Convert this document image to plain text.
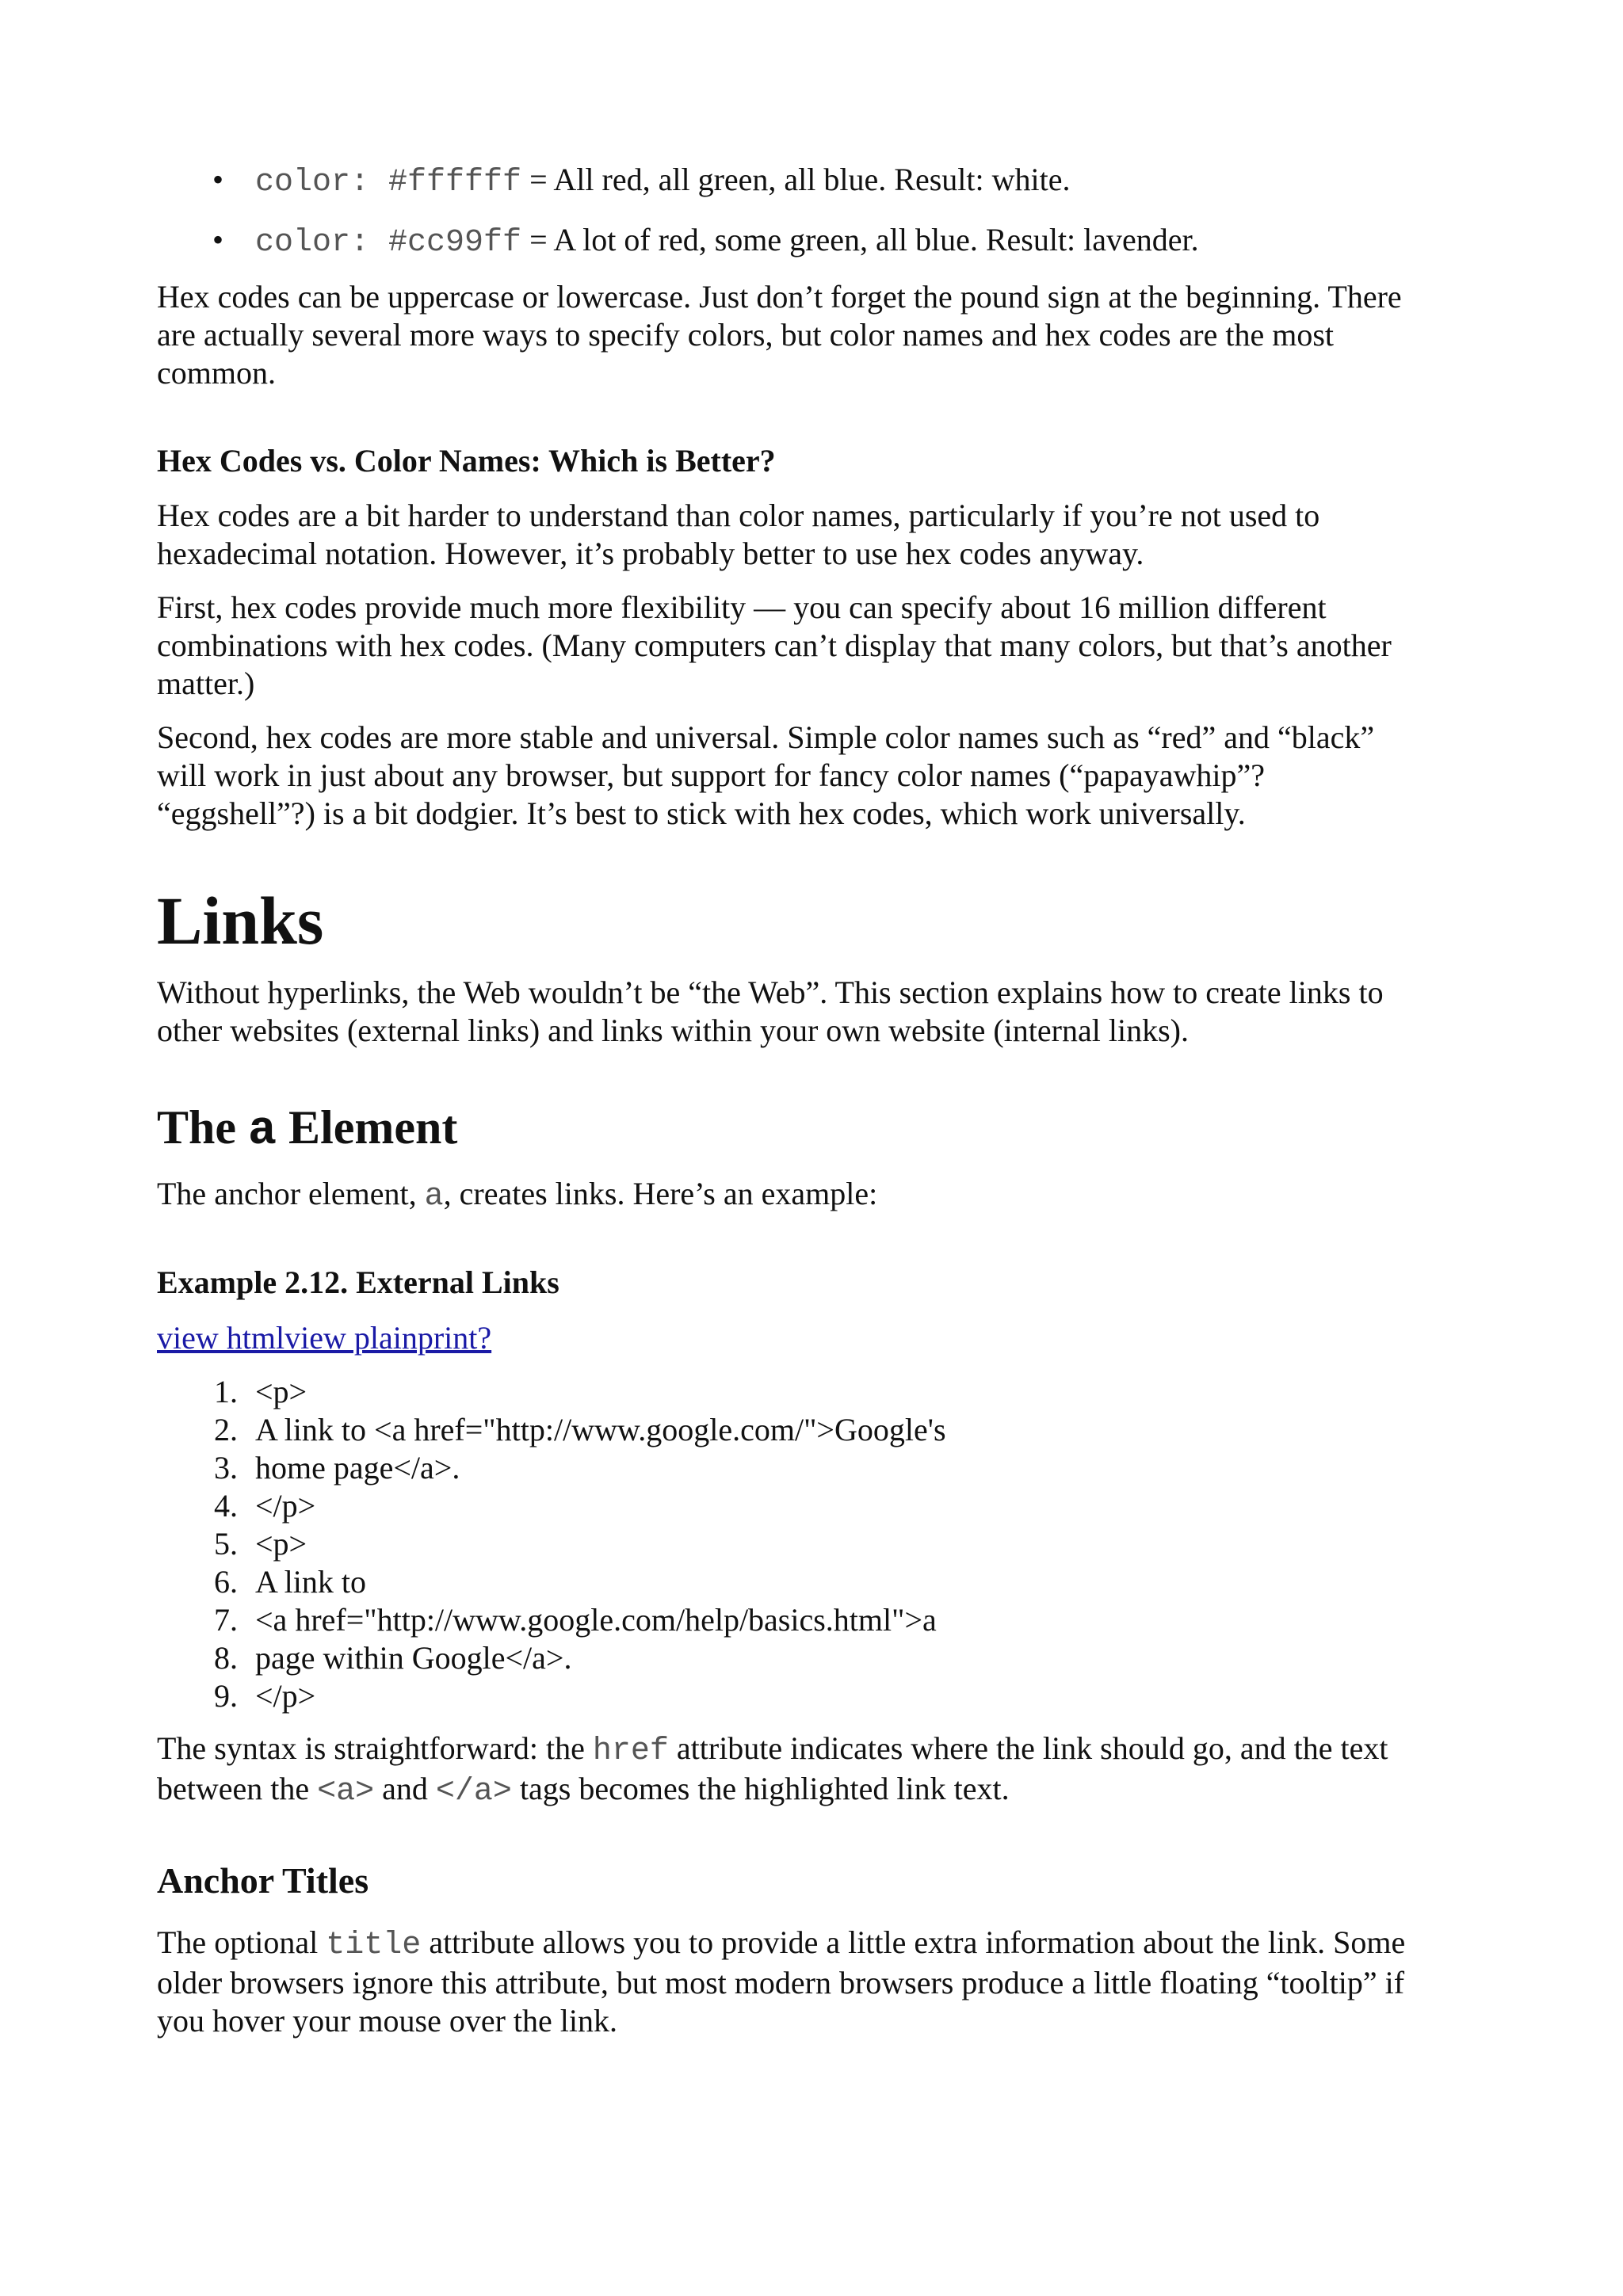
• color: #ffffff = All red, all green, all blue. Result: white.
• color: #cc99ff = A lot of red, some green, all blue. Result: lavender.
Hex codes can be uppercase or lowercase. Just don’t forget the pound sign at the beginning. There
are actually several more ways to specify colors, but color names and hex codes are the most
common.
Hex Codes vs. Color Names: Which is Better?
Hex codes are a bit harder to understand than color names, particularly if you’re not used to
hexadecimal notation. However, it’s probably better to use hex codes anyway.
First, hex codes provide much more flexibility — you can specify about 16 million different
combinations with hex codes. (Many computers can’t display that many colors, but that’s another
matter.)
Second, hex codes are more stable and universal. Simple color names such as “red” and “black”
will work in just about any browser, but support for fancy color names (“papayawhip”?
“eggshell”?) is a bit dodgier. It’s best to stick with hex codes, which work universally.
Links
Without hyperlinks, the Web wouldn’t be “the Web”. This section explains how to create links to
other websites (external links) and links within your own website (internal links).
The a Element
The anchor element, a, creates links. Here’s an example:
Example 2.12. External Links
view htmlview plainprint?
1. <p>
2. A link to <a href="http://www.google.com/">Google's
3. home page</a>.
4. </p>
5. <p>
6. A link to
7. <a href="http://www.google.com/help/basics.html">a
8. page within Google</a>.
9. </p>
The syntax is straightforward: the href attribute indicates where the link should go, and the text
between the <a> and </a> tags becomes the highlighted link text.
Anchor Titles
The optional title attribute allows you to provide a little extra information about the link. Some
older browsers ignore this attribute, but most modern browsers produce a little floating “tooltip” if
you hover your mouse over the link.
